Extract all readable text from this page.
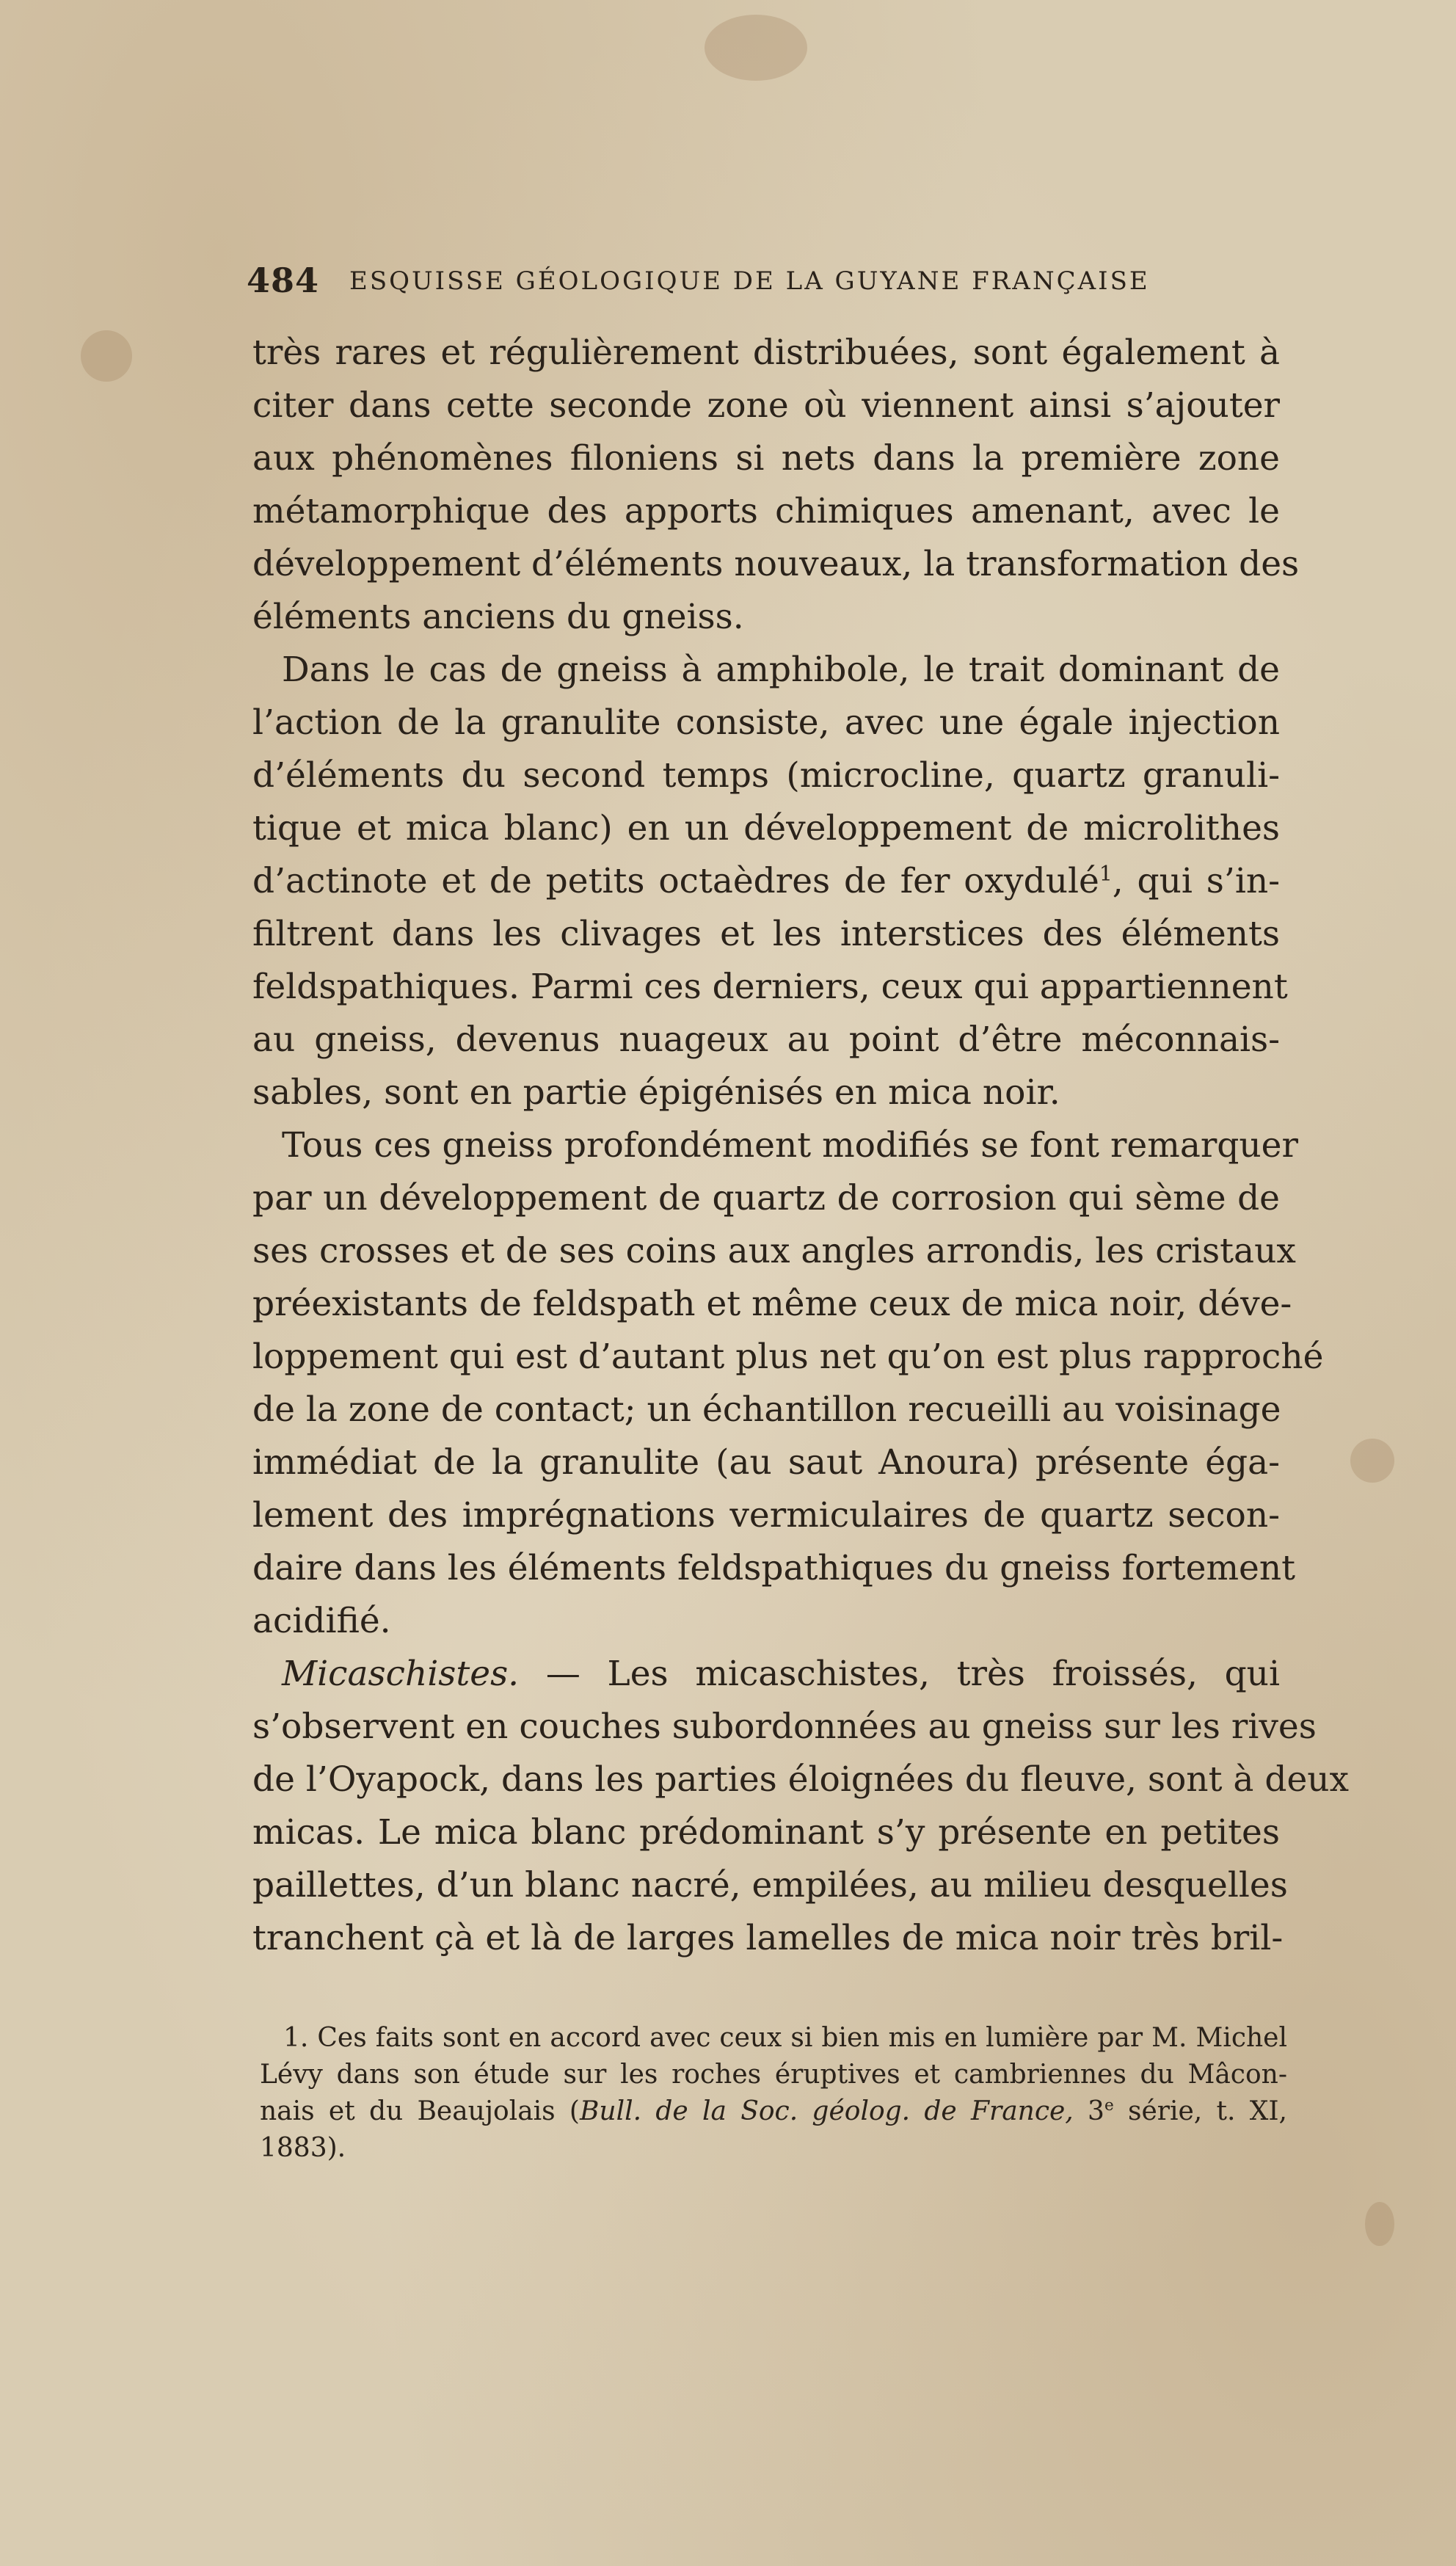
484 ESQUISSE GÉOLOGIQUE DE LA GUYANE FRANÇAISE
très rares et régulièrement distribuées, sont également à
citer dans cette seconde zone où viennent ainsi s’ajouter
aux phénomènes filoniens si nets dans la première zone
métamorphique des apports chimiques amenant, avec le
développement d’éléments nouveaux, la transformation des
éléments anciens du gneiss.
Dans le cas de gneiss à amphibole, le trait dominant de
l’action de la granulite consiste, avec une égale injection
d’éléments du second temps (microcline, quartz granuli-
tique et mica blanc) en un développement de microlithes
d’actinote et de petits octaèdres de fer oxydulé$^1$, qui s’in-
filtrent dans les clivages et les interstices des éléments
feldspathiques. Parmi ces derniers, ceux qui appartiennent
au gneiss, devenus nuageux au point d’être méconnais-
sables, sont en partie épigénisés en mica noir.
Tous ces gneiss profondément modifiés se font remarquer
par un développement de quartz de corrosion qui sème de
ses crosses et de ses coins aux angles arrondis, les cristaux
préexistants de feldspath et même ceux de mica noir, déve-
loppement qui est d’autant plus net qu’on est plus rapproché
de la zone de contact; un échantillon recueilli au voisinage
immédiat de la granulite (au saut Anoura) présente éga-
lement des imprégnations vermiculaires de quartz secon-
daire dans les éléments feldspathiques du gneiss fortement
acidifié.
Micaschistes. — Les micaschistes, très froissés, qui
s’observent en couches subordonnées au gneiss sur les rives
de l’Oyapock, dans les parties éloignées du fleuve, sont à deux
micas. Le mica blanc prédominant s’y présente en petites
paillettes, d’un blanc nacré, empilées, au milieu desquelles
tranchent çà et là de larges lamelles de mica noir très bril-
1. Ces faits sont en accord avec ceux si bien mis en lumière par M. Michel
Lévy dans son étude sur les roches éruptives et cambriennes du Mâcon-
nais et du Beaujolais (Bull. de la Soc. géolog. de France, 3e série, t. XI,
1883).
